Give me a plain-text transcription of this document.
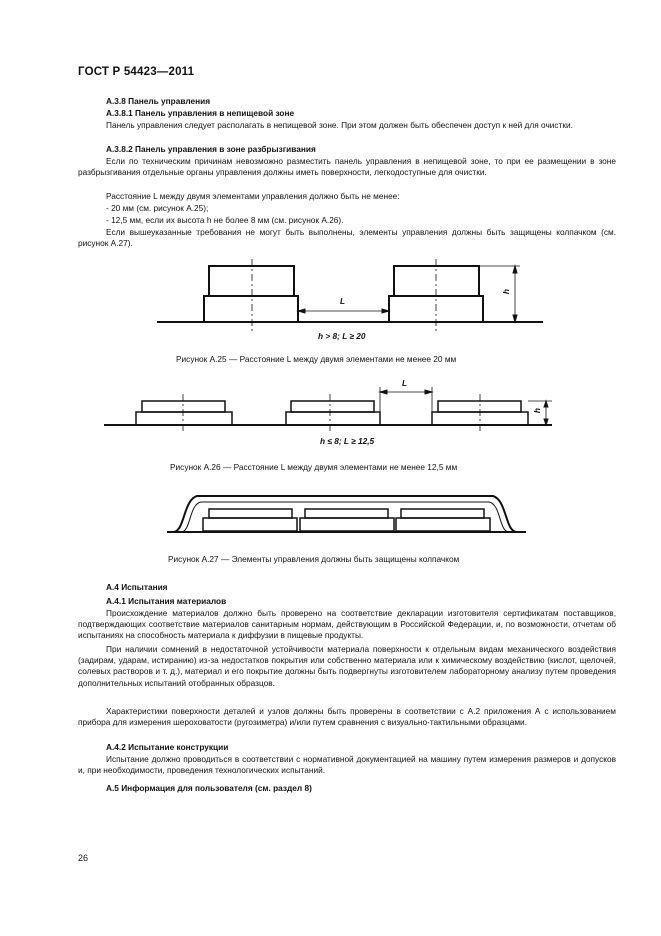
ГОСТ Р 54423—2011
А.3.8 Панель управления
А.3.8.1 Панель управления в непищевой зоне
Панель управления следует располагать в непищевой зоне. При этом должен быть обеспечен доступ к ней для очистки.
А.3.8.2 Панель управления в зоне разбрызгивания
Если по техническим причинам невозможно разместить панель управления в непищевой зоне, то при ее размещении в зоне разбрызгивания отдельные органы управления должны иметь поверхности, легкодоступные для очистки.
Расстояние L между двумя элементами управления должно быть не менее:
- 20 мм (см. рисунок А.25);
- 12,5 мм, если их высота h не более 8 мм (см. рисунок А.26).
Если вышеуказанные требования не могут быть выполнены, элементы управления должны быть защищены колпачком (см. рисунок А.27).
L
h
h > 8; L ≥ 20
Рисунок А.25 — Расстояние L между двумя элементами не менее 20 мм
L
h
h ≤ 8; L ≥ 12,5
Рисунок А.26 — Расстояние L между двумя элементами не менее 12,5 мм
Рисунок А.27 — Элементы управления должны быть защищены колпачком
А.4 Испытания
А.4.1 Испытания материалов
Происхождение материалов должно быть проверено на соответствие декларации изготовителя сертификатам поставщиков, подтверждающих соответствие материалов санитарным нормам, действующим в Российской Федерации, и, по возможности, отчетам об испытаниях на способность материала к диффузии в пищевые продукты.
При наличии сомнений в недостаточной устойчивости материала поверхности к отдельным видам механического воздействия (задирам, ударам, истиранию) из-за недостатков покрытия или собственно материала или к химическому воздействию (кислот, щелочей, солевых растворов и т. д.), материал и его покрытие должны быть подвергнуты изготовителем лабораторному анализу путем проведения дополнительных испытаний отобранных образцов.
Характеристики поверхности деталей и узлов должны быть проверены в соответствии с А.2 приложения А с использованием прибора для измерения шероховатости (ругозиметра) и/или путем сравнения с визуально-тактильными образцами.
А.4.2 Испытание конструкции
Испытание должно проводиться в соответствии с нормативной документацией на машину путем измерения размеров и допусков и, при необходимости, проведения технологических испытаний.
А.5 Информация для пользователя (см. раздел 8)
26
